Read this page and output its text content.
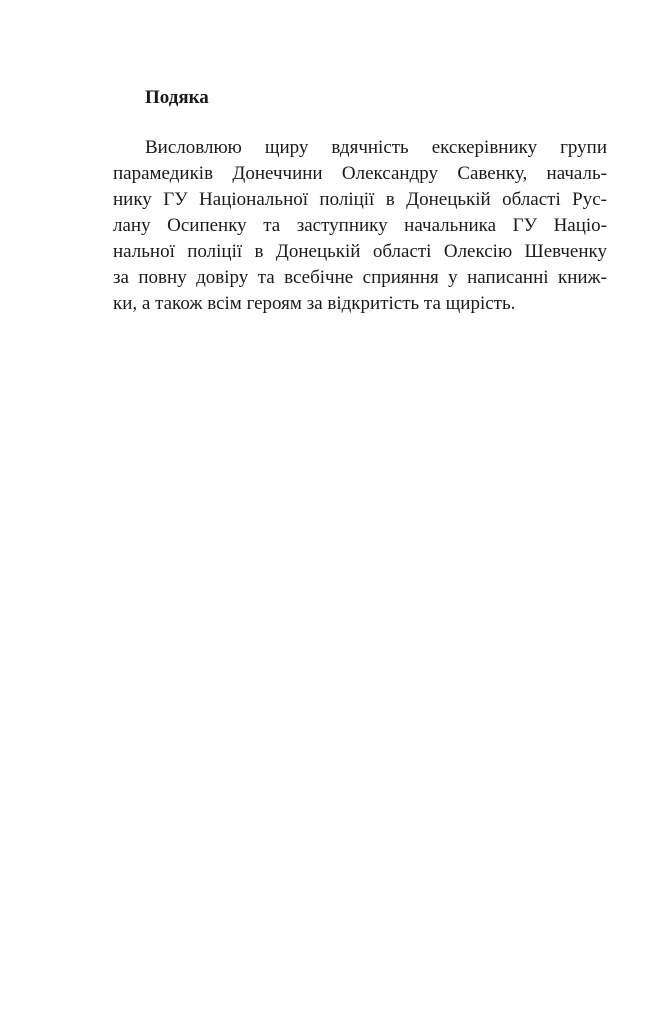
Подяка
Висловлюю щиру вдячність екскерівнику групи
парамедиків Донеччини Олександру Савенку, началь-
нику ГУ Національної поліції в Донецькій області Рус-
лану Осипенку та заступнику начальника ГУ Націо-
нальної поліції в Донецькій області Олексію Шевченку
за повну довіру та всебічне сприяння у написанні книж-
ки, а також всім героям за відкритість та щирість.
